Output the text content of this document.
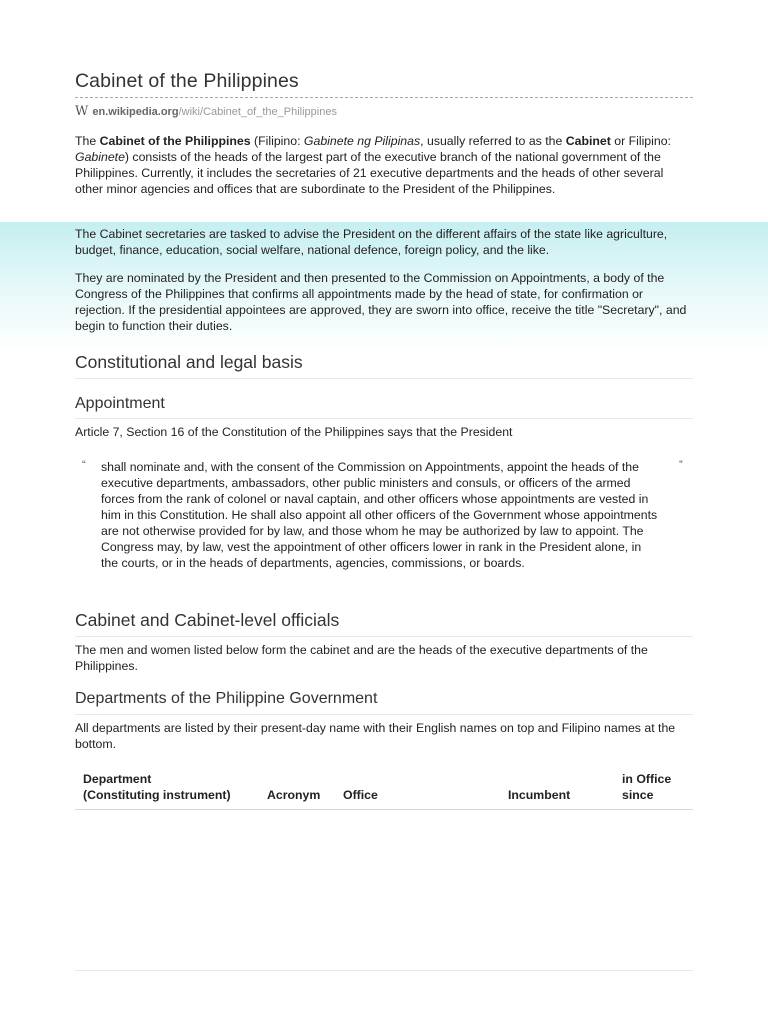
Cabinet of the Philippines
W en.wikipedia.org/wiki/Cabinet_of_the_Philippines

The Cabinet of the Philippines (Filipino: Gabinete ng Pilipinas, usually referred to as the Cabinet or Filipino: Gabinete) consists of the heads of the largest part of the executive branch of the national government of the Philippines. Currently, it includes the secretaries of 21 executive departments and the heads of other several other minor agencies and offices that are subordinate to the President of the Philippines.

The Cabinet secretaries are tasked to advise the President on the different affairs of the state like agriculture, budget, finance, education, social welfare, national defence, foreign policy, and the like.

They are nominated by the President and then presented to the Commission on Appointments, a body of the Congress of the Philippines that confirms all appointments made by the head of state, for confirmation or rejection. If the presidential appointees are approved, they are sworn into office, receive the title "Secretary", and begin to function their duties.

Constitutional and legal basis
Appointment

Article 7, Section 16 of the Constitution of the Philippines says that the President

“ shall nominate and, with the consent of the Commission on Appointments, appoint the heads of the executive departments, ambassadors, other public ministers and consuls, or officers of the armed forces from the rank of colonel or naval captain, and other officers whose appointments are vested in him in this Constitution. He shall also appoint all other officers of the Government whose appointments are not otherwise provided for by law, and those whom he may be authorized by law to appoint. The Congress may, by law, vest the appointment of other officers lower in rank in the President alone, in the courts, or in the heads of departments, agencies, commissions, or boards.

”
Cabinet and Cabinet-level officials

The men and women listed below form the cabinet and are the heads of the executive departments of the Philippines.

Departments of the Philippine Government

All departments are listed by their present-day name with their English names on top and Filipino names at the bottom.

Department
(Constituting instrument)	Acronym	Office	Incumbent	in Office
since
